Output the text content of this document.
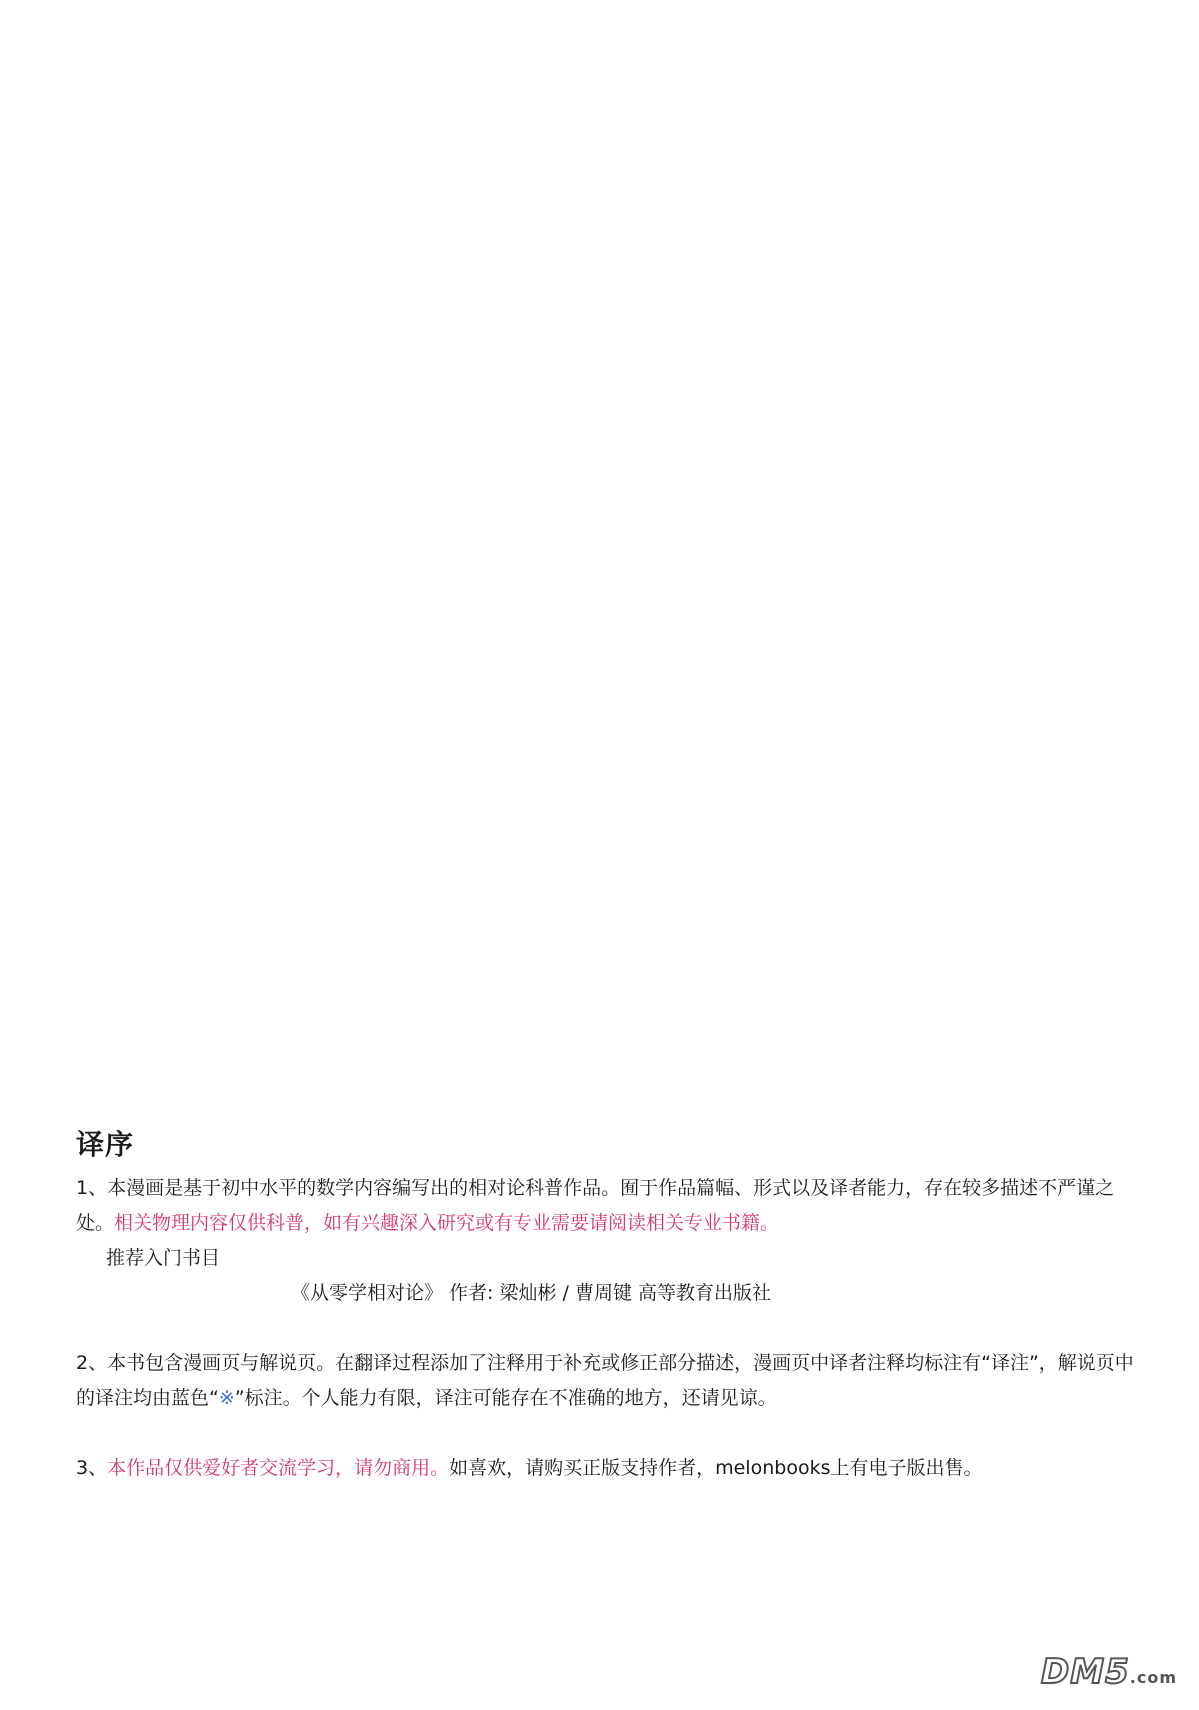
译序

1、本漫画是基于初中水平的数学内容编写出的相对论科普作品。囿于作品篇幅、形式以及译者能力，存在较多描述不严谨之处。相关物理内容仅供科普，如有兴趣深入研究或有专业需要请阅读相关专业书籍。

推荐入门书目

《从零学相对论》 作者: 梁灿彬 / 曹周键 高等教育出版社

2、本书包含漫画页与解说页。在翻译过程添加了注释用于补充或修正部分描述，漫画页中译者注释均标注有“译注”，解说页中的译注均由蓝色“※”标注。个人能力有限，译注可能存在不准确的地方，还请见谅。

3、本作品仅供爱好者交流学习，请勿商用。如喜欢，请购买正版支持作者，melonbooks上有电子版出售。

DM5.com
